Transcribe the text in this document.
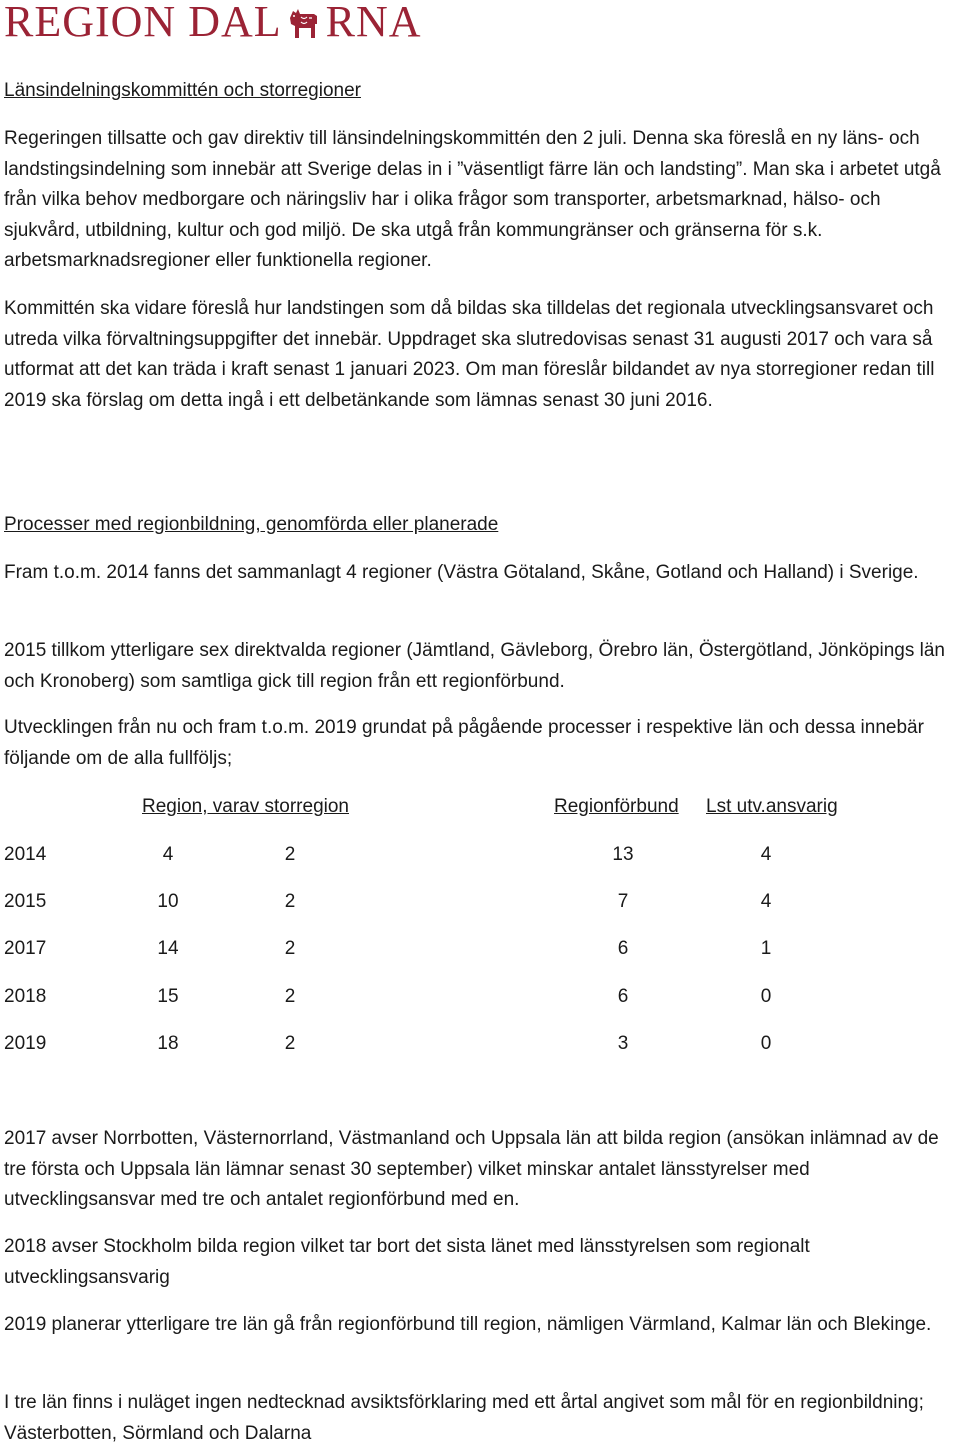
REGION DAL RNA

Länsindelningskommittén och storregioner

Regeringen tillsatte och gav direktiv till länsindelningskommittén den 2 juli. Denna ska föreslå en ny läns- och landstingsindelning som innebär att Sverige delas in i ”väsentligt färre län och landsting”. Man ska i arbetet utgå från vilka behov medborgare och näringsliv har i olika frågor som transporter, arbetsmarknad, hälso- och sjukvård, utbildning, kultur och god miljö. De ska utgå från kommungränser och gränserna för s.k. arbetsmarknadsregioner eller funktionella regioner.

Kommittén ska vidare föreslå hur landstingen som då bildas ska tilldelas det regionala utvecklingsansvaret och utreda vilka förvaltningsuppgifter det innebär. Uppdraget ska slutredovisas senast 31 augusti 2017 och vara så utformat att det kan träda i kraft senast 1 januari 2023. Om man föreslår bildandet av nya storregioner redan till 2019 ska förslag om detta ingå i ett delbetänkande som lämnas senast 30 juni 2016.

Processer med regionbildning, genomförda eller planerade

Fram t.o.m. 2014 fanns det sammanlagt 4 regioner (Västra Götaland, Skåne, Gotland och Halland) i Sverige.

2015 tillkom ytterligare sex direktvalda regioner (Jämtland, Gävleborg, Örebro län, Östergötland, Jönköpings län och Kronoberg) som samtliga gick till region från ett regionförbund.

Utvecklingen från nu och fram t.o.m. 2019 grundat på pågående processer i respektive län och dessa innebär följande om de alla fullföljs;

Region, varav storregion	Regionförbund Lst utv.ansvarig
2014	4	2	13	4
2015	10	2	7	4
2017	14	2	6	1
2018	15	2	6	0
2019	18	2	3	0

2017 avser Norrbotten, Västernorrland, Västmanland och Uppsala län att bilda region (ansökan inlämnad av de tre första och Uppsala län lämnar senast 30 september) vilket minskar antalet länsstyrelser med utvecklingsansvar med tre och antalet regionförbund med en.

2018 avser Stockholm bilda region vilket tar bort det sista länet med länsstyrelsen som regionalt utvecklingsansvarig

2019 planerar ytterligare tre län gå från regionförbund till region, nämligen Värmland, Kalmar län och Blekinge.

I tre län finns i nuläget ingen nedtecknad avsiktsförklaring med ett årtal angivet som mål för en regionbildning; Västerbotten, Sörmland och Dalarna
